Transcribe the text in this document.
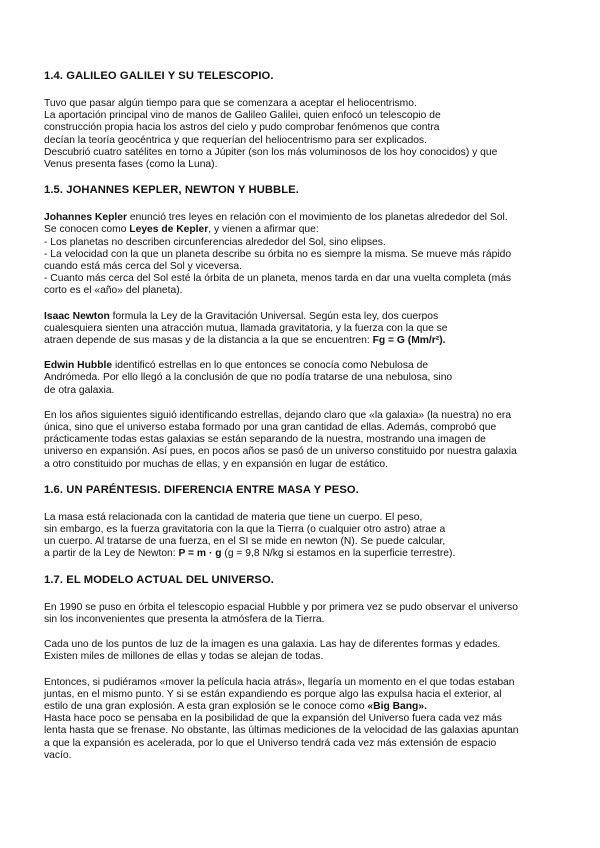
1.4. GALILEO GALILEI Y SU TELESCOPIO.

Tuvo que pasar algún tiempo para que se comenzara a aceptar el heliocentrismo.
La aportación principal vino de manos de Galileo Galilei, quien enfocó un telescopio de
construcción propia hacia los astros del cielo y pudo comprobar fenómenos que contra
decían la teoría geocéntrica y que requerían del heliocentrismo para ser explicados.
Descubrió cuatro satélites en torno a Júpiter (son los más voluminosos de los hoy conocidos) y que
Venus presenta fases (como la Luna).

1.5. JOHANNES KEPLER, NEWTON Y HUBBLE.

Johannes Kepler enunció tres leyes en relación con el movimiento de los planetas alrededor del Sol.
Se conocen como Leyes de Kepler, y vienen a afirmar que:
- Los planetas no describen circunferencias alrededor del Sol, sino elipses.
- La velocidad con la que un planeta describe su órbita no es siempre la misma. Se mueve más rápido
cuando está más cerca del Sol y viceversa.
- Cuanto más cerca del Sol esté la órbita de un planeta, menos tarda en dar una vuelta completa (más
corto es el «año» del planeta).

Isaac Newton formula la Ley de la Gravitación Universal. Según esta ley, dos cuerpos
cualesquiera sienten una atracción mutua, llamada gravitatoria, y la fuerza con la que se
atraen depende de sus masas y de la distancia a la que se encuentren: Fg = G (Mm/r²).

Edwin Hubble identificó estrellas en lo que entonces se conocía como Nebulosa de
Andrómeda. Por ello llegó a la conclusión de que no podía tratarse de una nebulosa, sino
de otra galaxia.

En los años siguientes siguió identificando estrellas, dejando claro que «la galaxia» (la nuestra) no era
única, sino que el universo estaba formado por una gran cantidad de ellas. Además, comprobó que
prácticamente todas estas galaxias se están separando de la nuestra, mostrando una imagen de
universo en expansión. Así pues, en pocos años se pasó de un universo constituido por nuestra galaxia
a otro constituido por muchas de ellas, y en expansión en lugar de estático.

1.6. UN PARÉNTESIS. DIFERENCIA ENTRE MASA Y PESO.

La masa está relacionada con la cantidad de materia que tiene un cuerpo. El peso,
sin embargo, es la fuerza gravitatoria con la que la Tierra (o cualquier otro astro) atrae a
un cuerpo. Al tratarse de una fuerza, en el SI se mide en newton (N). Se puede calcular,
a partir de la Ley de Newton: P = m · g (g = 9,8 N/kg si estamos en la superficie terrestre).

1.7. EL MODELO ACTUAL DEL UNIVERSO.

En 1990 se puso en órbita el telescopio espacial Hubble y por primera vez se pudo observar el universo
sin los inconvenientes que presenta la atmósfera de la Tierra.

Cada uno de los puntos de luz de la imagen es una galaxia. Las hay de diferentes formas y edades.
Existen miles de millones de ellas y todas se alejan de todas.

Entonces, si pudiéramos «mover la película hacia atrás», llegaría un momento en el que todas estaban
juntas, en el mismo punto. Y si se están expandiendo es porque algo las expulsa hacia el exterior, al
estilo de una gran explosión. A esta gran explosión se le conoce como «Big Bang».
Hasta hace poco se pensaba en la posibilidad de que la expansión del Universo fuera cada vez más
lenta hasta que se frenase. No obstante, las últimas mediciones de la velocidad de las galaxias apuntan
a que la expansión es acelerada, por lo que el Universo tendrá cada vez más extensión de espacio
vacío.
